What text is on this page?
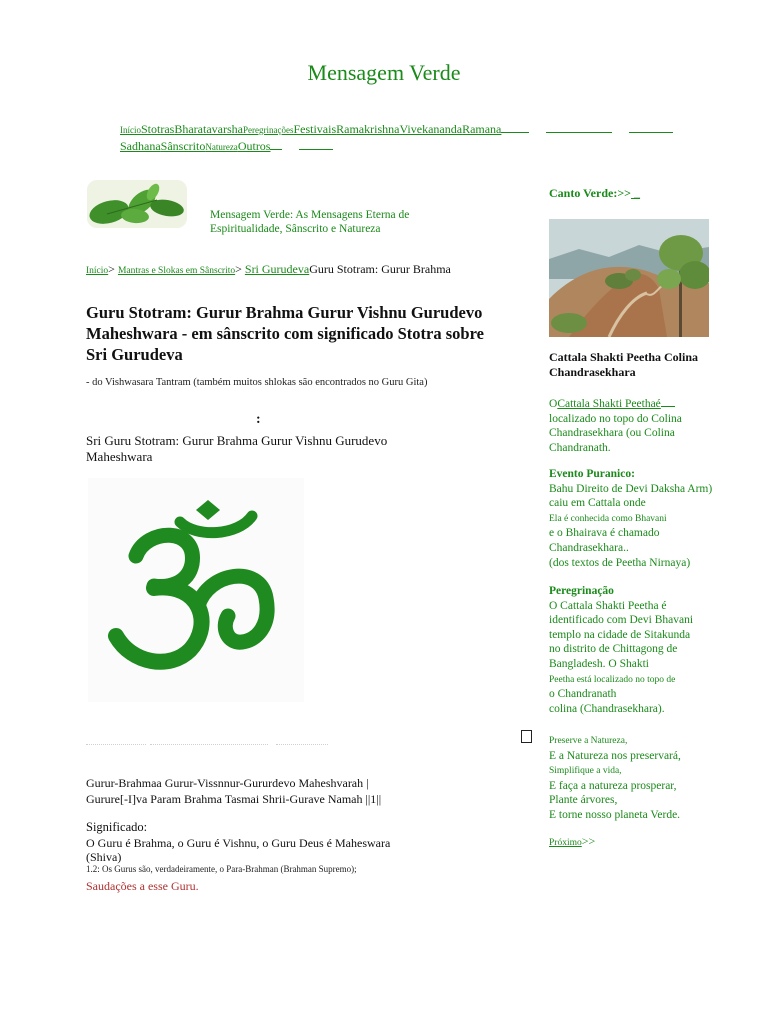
Mensagem Verde
InícioStotrasBharatavarshaPeregrinaçõesFestivaisRamakrishnaVivekanandaRamana
SadhanaSânscritoNaturezaOutros
Mensagem Verde: As Mensagens Eterna de Espiritualidade, Sânscrito e Natureza
Início> Mantras e Slokas em Sânscrito> Sri GurudevaGuru Stotram: Gurur Brahma
Guru Stotram: Gurur Brahma Gurur Vishnu Gurudevo Maheshwara - em sânscrito com significado Stotra sobre Sri Gurudeva
- do Vishwasara Tantram (também muitos shlokas são encontrados no Guru Gita)
:
Sri Guru Stotram: Gurur Brahma Gurur Vishnu Gurudevo Maheshwara
Gurur-Brahmaa Gurur-Vissnnur-Gururdevo Maheshvarah |
Gurure[-I]va Param Brahma Tasmai Shrii-Gurave Namah ||1||
Significado:
O Guru é Brahma, o Guru é Vishnu, o Guru Deus é Maheswara (Shiva)
1.2: Os Gurus são, verdadeiramente, o Para-Brahman (Brahman Supremo);
Saudações a esse Guru.
Canto Verde:>> _
Cattala Shakti Peetha Colina Chandrasekhara
OCattala Shakti Peethaé localizado no topo do Colina Chandrasekhara (ou Colina Chandranath.
Evento Puranico:
Bahu Direito de Devi Daksha Arm) caiu em Cattala onde
Ela é conhecida como Bhavani
e o Bhairava é chamado Chandrasekhara..
(dos textos de Peetha Nirnaya)
Peregrinação
O Cattala Shakti Peetha é identificado com Devi Bhavani
templo na cidade de Sitakunda
no distrito de Chittagong de Bangladesh. O Shakti
Peetha está localizado no topo de
o Chandranath
colina (Chandrasekhara).
Preserve a Natureza,
E a Natureza nos preservará,
Simplifique a vida,
E faça a natureza prosperar,
Plante árvores,
E torne nosso planeta Verde.
Próximo>>
